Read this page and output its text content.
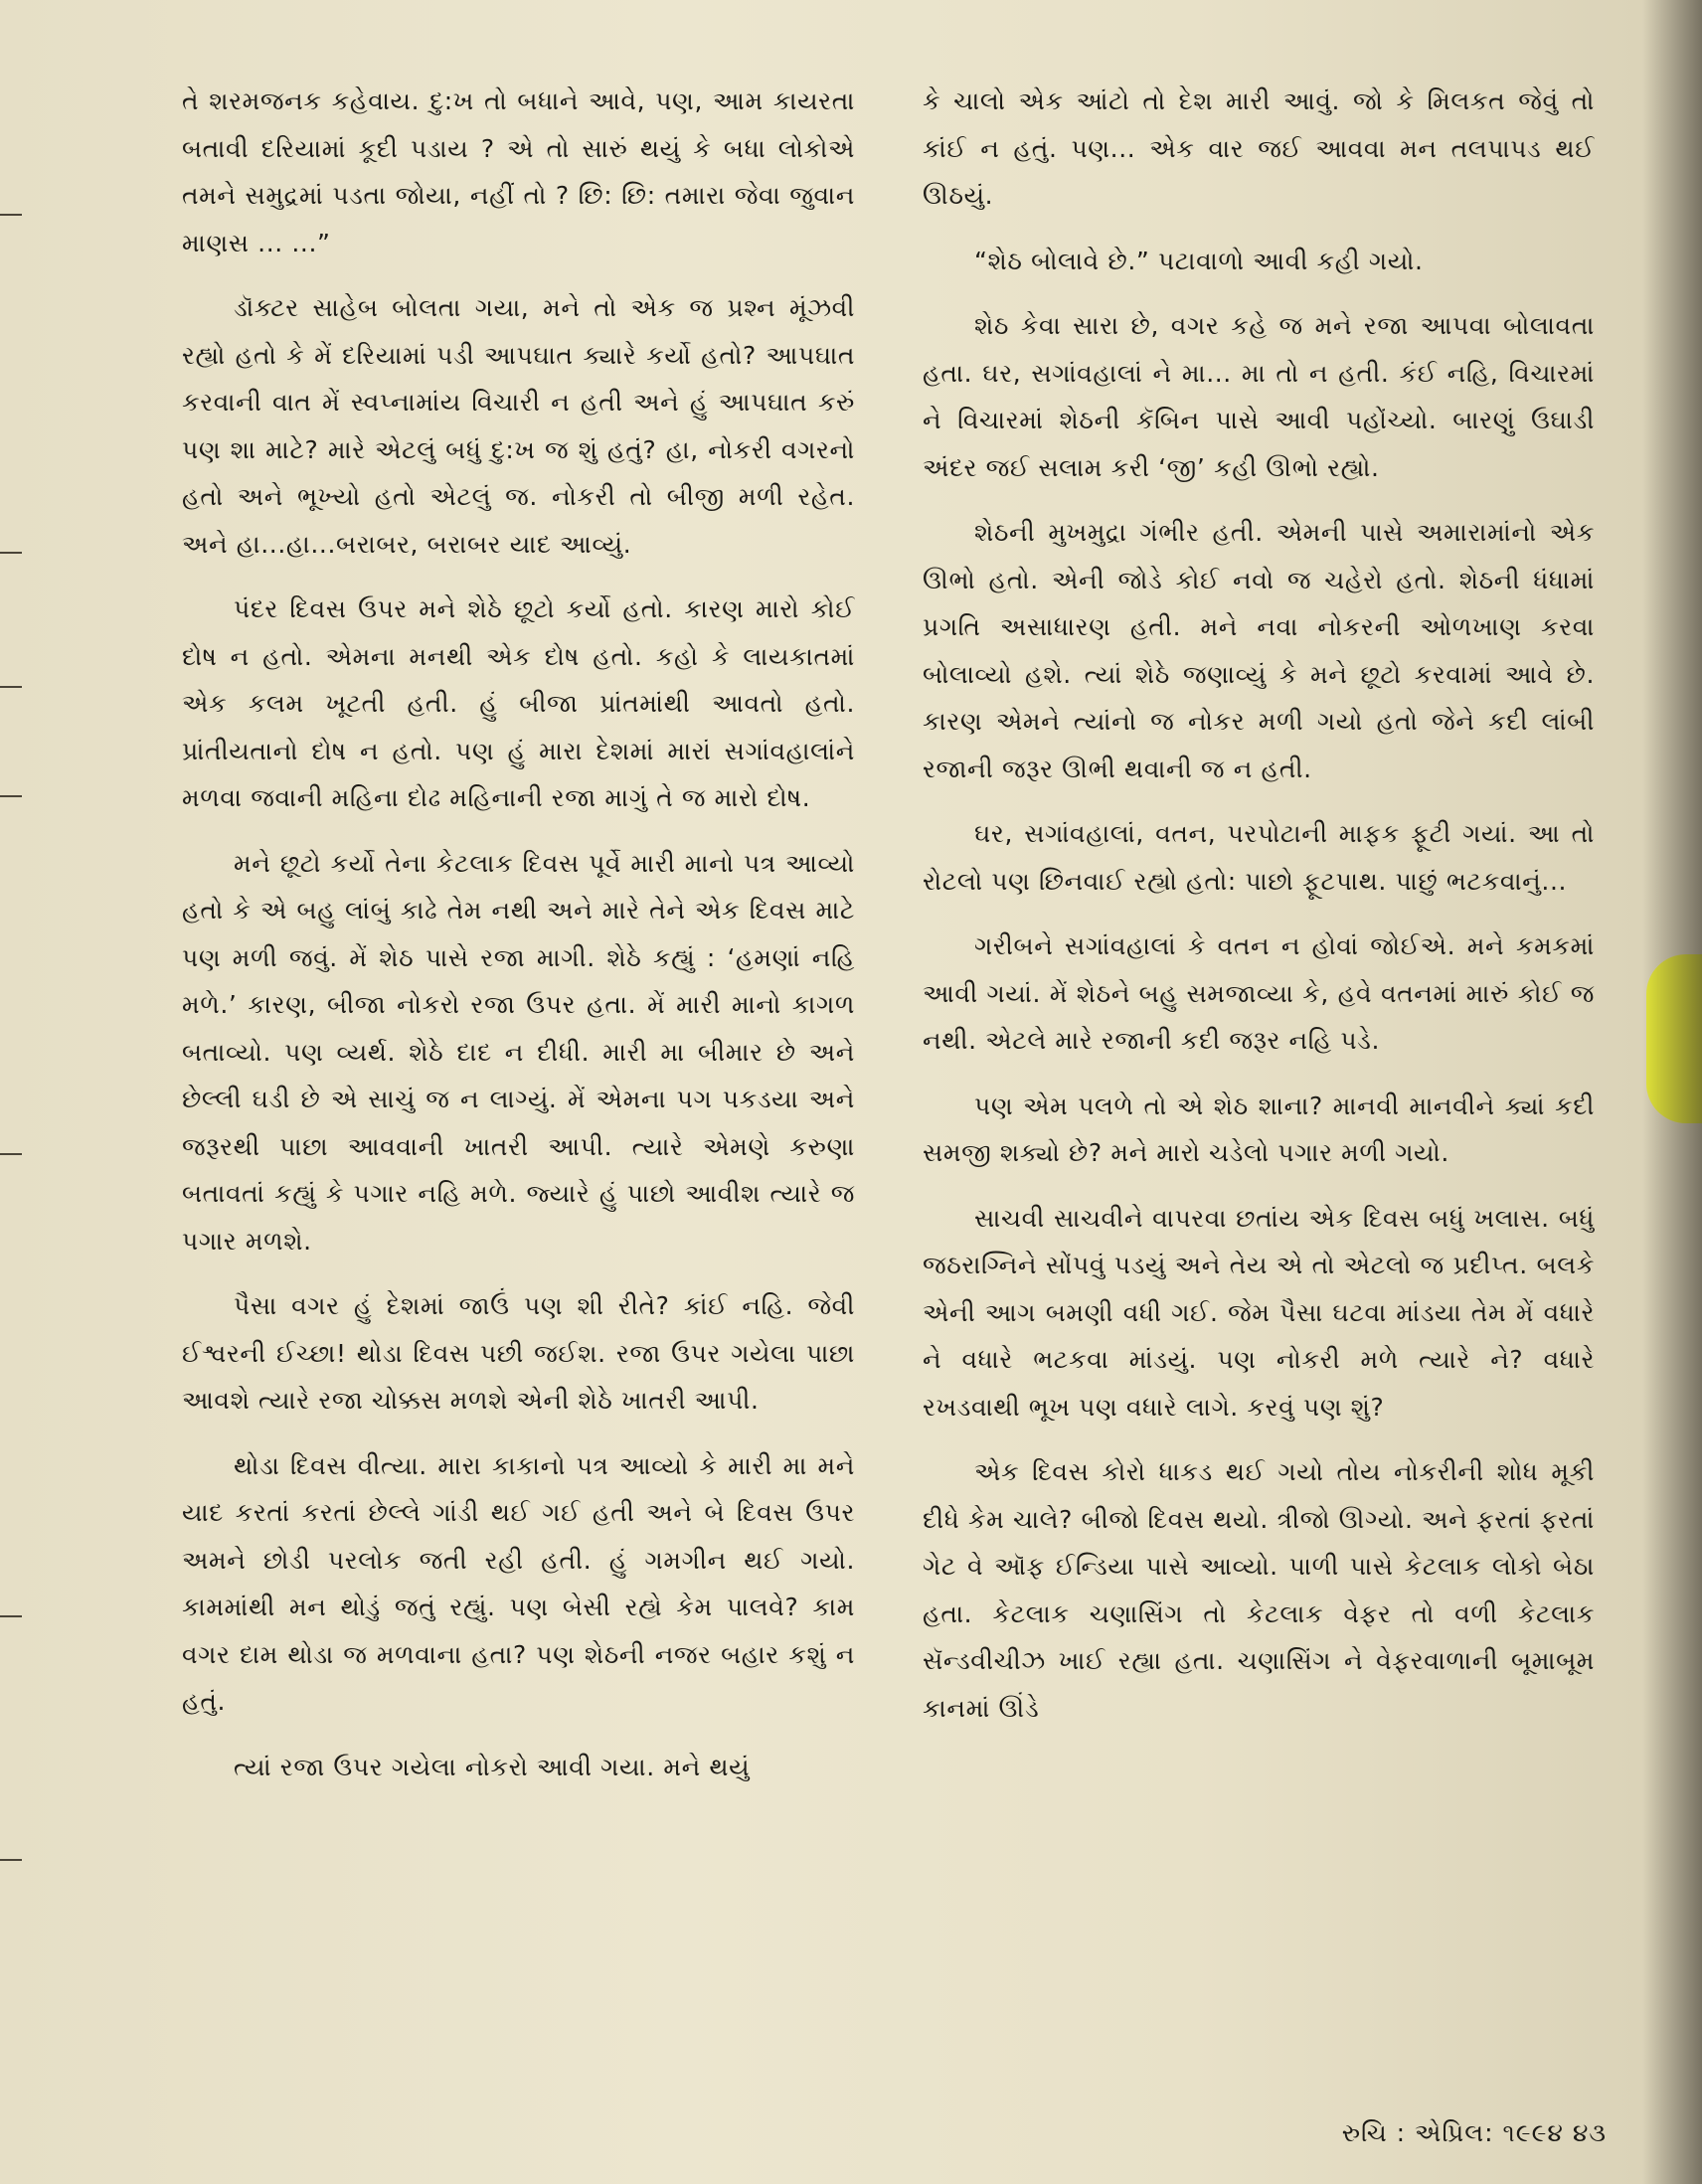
તે શરમજનક કહેવાય. દુ:ખ તો બધાને આવે, પણ, આમ કાયરતા બતાવી દરિયામાં કૂદી પડાય ? એ તો સારું થયું કે બધા લોકોએ તમને સમુદ્રમાં પડતા જોયા, નહીં તો ? છિ: છિ: તમારા જેવા જુવાન માણસ ... ...”

ડૉક્ટર સાહેબ બોલતા ગયા, મને તો એક જ પ્રશ્ન મૂંઝવી રહ્યો હતો કે મેં દરિયામાં પડી આપઘાત ક્યારે કર્યો હતો? આપઘાત કરવાની વાત મેં સ્વપ્નામાંય વિચારી ન હતી અને હું આપઘાત કરું પણ શા માટે? મારે એટલું બધું દુ:ખ જ શું હતું? હા, નોકરી વગરનો હતો અને ભૂખ્યો હતો એટલું જ. નોકરી તો બીજી મળી રહેત. અને હા...હા...બરાબર, બરાબર યાદ આવ્યું.

પંદર દિવસ ઉપર મને શેઠે છૂટો કર્યો હતો. કારણ મારો કોઈ દોષ ન હતો. એમના મનથી એક દોષ હતો. કહો કે લાયકાતમાં એક કલમ ખૂટતી હતી. હું બીજા પ્રાંતમાંથી આવતો હતો. પ્રાંતીયતાનો દોષ ન હતો. પણ હું મારા દેશમાં મારાં સગાંવહાલાંને મળવા જવાની મહિના દોઢ મહિનાની રજા માગું તે જ મારો દોષ.

મને છૂટો કર્યો તેના કેટલાક દિવસ પૂર્વે મારી માનો પત્ર આવ્યો હતો કે એ બહુ લાંબું કાઢે તેમ નથી અને મારે તેને એક દિવસ માટે પણ મળી જવું. મેં શેઠ પાસે રજા માગી. શેઠે કહ્યું : ‘હમણાં નહિ મળે.’ કારણ, બીજા નોકરો રજા ઉપર હતા. મેં મારી માનો કાગળ બતાવ્યો. પણ વ્યર્થ. શેઠે દાદ ન દીધી. મારી મા બીમાર છે અને છેલ્લી ઘડી છે એ સાચું જ ન લાગ્યું. મેં એમના પગ પકડયા અને જરૂરથી પાછા આવવાની ખાતરી આપી. ત્યારે એમણે કરુણા બતાવતાં કહ્યું કે પગાર નહિ મળે. જ્યારે હું પાછો આવીશ ત્યારે જ પગાર મળશે.

પૈસા વગર હું દેશમાં જાઉં પણ શી રીતે? કાંઈ નહિ. જેવી ઈશ્વરની ઈચ્છા! થોડા દિવસ પછી જઈશ. રજા ઉપર ગયેલા પાછા આવશે ત્યારે રજા ચોક્કસ મળશે એની શેઠે ખાતરી આપી.

થોડા દિવસ વીત્યા. મારા કાકાનો પત્ર આવ્યો કે મારી મા મને યાદ કરતાં કરતાં છેલ્લે ગાંડી થઈ ગઈ હતી અને બે દિવસ ઉપર અમને છોડી પરલોક જતી રહી હતી. હું ગમગીન થઈ ગયો. કામમાંથી મન થોડું જતું રહ્યું. પણ બેસી રહ્યે કેમ પાલવે? કામ વગર દામ થોડા જ મળવાના હતા? પણ શેઠની નજર બહાર કશું ન હતું.

ત્યાં રજા ઉપર ગયેલા નોકરો આવી ગયા. મને થયું

કે ચાલો એક આંટો તો દેશ મારી આવું. જો કે મિલકત જેવું તો કાંઈ ન હતું. પણ... એક વાર જઈ આવવા મન તલપાપડ થઈ ઊઠયું.

“શેઠ બોલાવે છે.” પટાવાળો આવી કહી ગયો.

શેઠ કેવા સારા છે, વગર કહે જ મને રજા આપવા બોલાવતા હતા. ઘર, સગાંવહાલાં ને મા... મા તો ન હતી. કંઈ નહિ, વિચારમાં ને વિચારમાં શેઠની કૅબિન પાસે આવી પહોંચ્યો. બારણું ઉઘાડી અંદર જઈ સલામ કરી ‘જી’ કહી ઊભો રહ્યો.

શેઠની મુખમુદ્રા ગંભીર હતી. એમની પાસે અમારામાંનો એક ઊભો હતો. એની જોડે કોઈ નવો જ ચહેરો હતો. શેઠની ધંધામાં પ્રગતિ અસાધારણ હતી. મને નવા નોકરની ઓળખાણ કરવા બોલાવ્યો હશે. ત્યાં શેઠે જણાવ્યું કે મને છૂટો કરવામાં આવે છે. કારણ એમને ત્યાંનો જ નોકર મળી ગયો હતો જેને કદી લાંબી રજાની જરૂર ઊભી થવાની જ ન હતી.

ઘર, સગાંવહાલાં, વતન, પરપોટાની માફક ફૂટી ગયાં. આ તો રોટલો પણ છિનવાઈ રહ્યો હતો: પાછો ફૂટપાથ. પાછું ભટકવાનું...

ગરીબને સગાંવહાલાં કે વતન ન હોવાં જોઈએ. મને કમકમાં આવી ગયાં. મેં શેઠને બહુ સમજાવ્યા કે, હવે વતનમાં મારું કોઈ જ નથી. એટલે મારે રજાની કદી જરૂર નહિ પડે.

પણ એમ પલળે તો એ શેઠ શાના? માનવી માનવીને ક્યાં કદી સમજી શક્યો છે? મને મારો ચડેલો પગાર મળી ગયો.

સાચવી સાચવીને વાપરવા છતાંય એક દિવસ બધું ખલાસ. બધું જઠરાગ્નિને સોંપવું પડયું અને તેય એ તો એટલો જ પ્રદીપ્ત. બલકે એની આગ બમણી વધી ગઈ. જેમ પૈસા ઘટવા માંડયા તેમ મેં વધારે ને વધારે ભટકવા માંડયું. પણ નોકરી મળે ત્યારે ને? વધારે રખડવાથી ભૂખ પણ વધારે લાગે. કરવું પણ શું?

એક દિવસ કોરો ધાકડ થઈ ગયો તોય નોકરીની શોધ મૂકી દીધે કેમ ચાલે? બીજો દિવસ થયો. ત્રીજો ઊગ્યો. અને ફરતાં ફરતાં ગેટ વે ઑફ ઈન્ડિયા પાસે આવ્યો. પાળી પાસે કેટલાક લોકો બેઠા હતા. કેટલાક ચણાસિંગ તો કેટલાક વેફર તો વળી કેટલાક સૅન્ડવીચીઝ ખાઈ રહ્યા હતા. ચણાસિંગ ને વેફરવાળાની બૂમાબૂમ કાનમાં ઊંડે

રુચિ : એપ્રિલ: ૧૯૯૪ ૪૩
